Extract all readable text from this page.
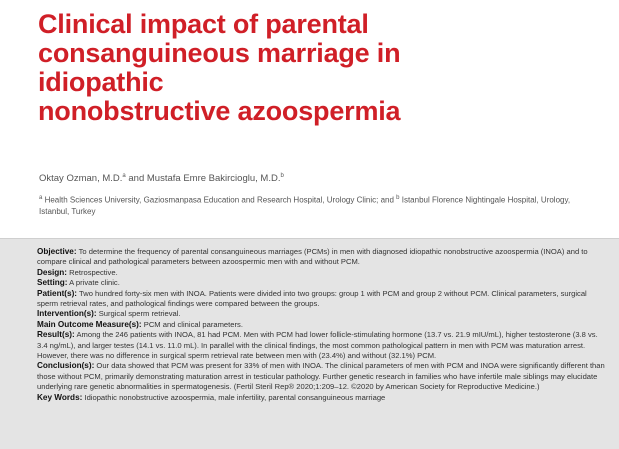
Clinical impact of parental
consanguineous marriage in
idiopathic
nonobstructive azoospermia
Oktay Ozman, M.D.$^a$ and Mustafa Emre Bakircioglu, M.D.$^b$
$^a$ Health Sciences University, Gaziosmanpasa Education and Research Hospital, Urology Clinic; and $^b$ Istanbul Florence Nightingale Hospital, Urology, Istanbul, Turkey

Objective: To determine the frequency of parental consanguineous marriages (PCMs) in men with diagnosed idiopathic nonobstructive azoospermia (INOA) and to compare clinical and pathological parameters between azoospermic men with and without PCM.

Design: Retrospective.

Setting: A private clinic.

Patient(s): Two hundred forty-six men with INOA. Patients were divided into two groups: group 1 with PCM and group 2 without PCM. Clinical parameters, surgical sperm retrieval rates, and pathological findings were compared between the groups.

Intervention(s): Surgical sperm retrieval.

Main Outcome Measure(s): PCM and clinical parameters.

Result(s): Among the 246 patients with INOA, 81 had PCM. Men with PCM had lower follicle-stimulating hormone (13.7 vs. 21.9 mIU/mL), higher testosterone (3.8 vs. 3.4 ng/mL), and larger testes (14.1 vs. 11.0 mL). In parallel with the clinical findings, the most common pathological pattern in men with PCM was maturation arrest. However, there was no difference in surgical sperm retrieval rate between men with (23.4%) and without (32.1%) PCM.

Conclusion(s): Our data showed that PCM was present for 33% of men with INOA. The clinical parameters of men with PCM and INOA were significantly different than those without PCM, primarily demonstrating maturation arrest in testicular pathology. Further genetic research in families who have infertile male siblings may elucidate underlying rare genetic abnormalities in spermatogenesis. (Fertil Steril Rep® 2020;1:209–12. ©2020 by American Society for Reproductive Medicine.)

Key Words: Idiopathic nonobstructive azoospermia, male infertility, parental consanguineous marriage
